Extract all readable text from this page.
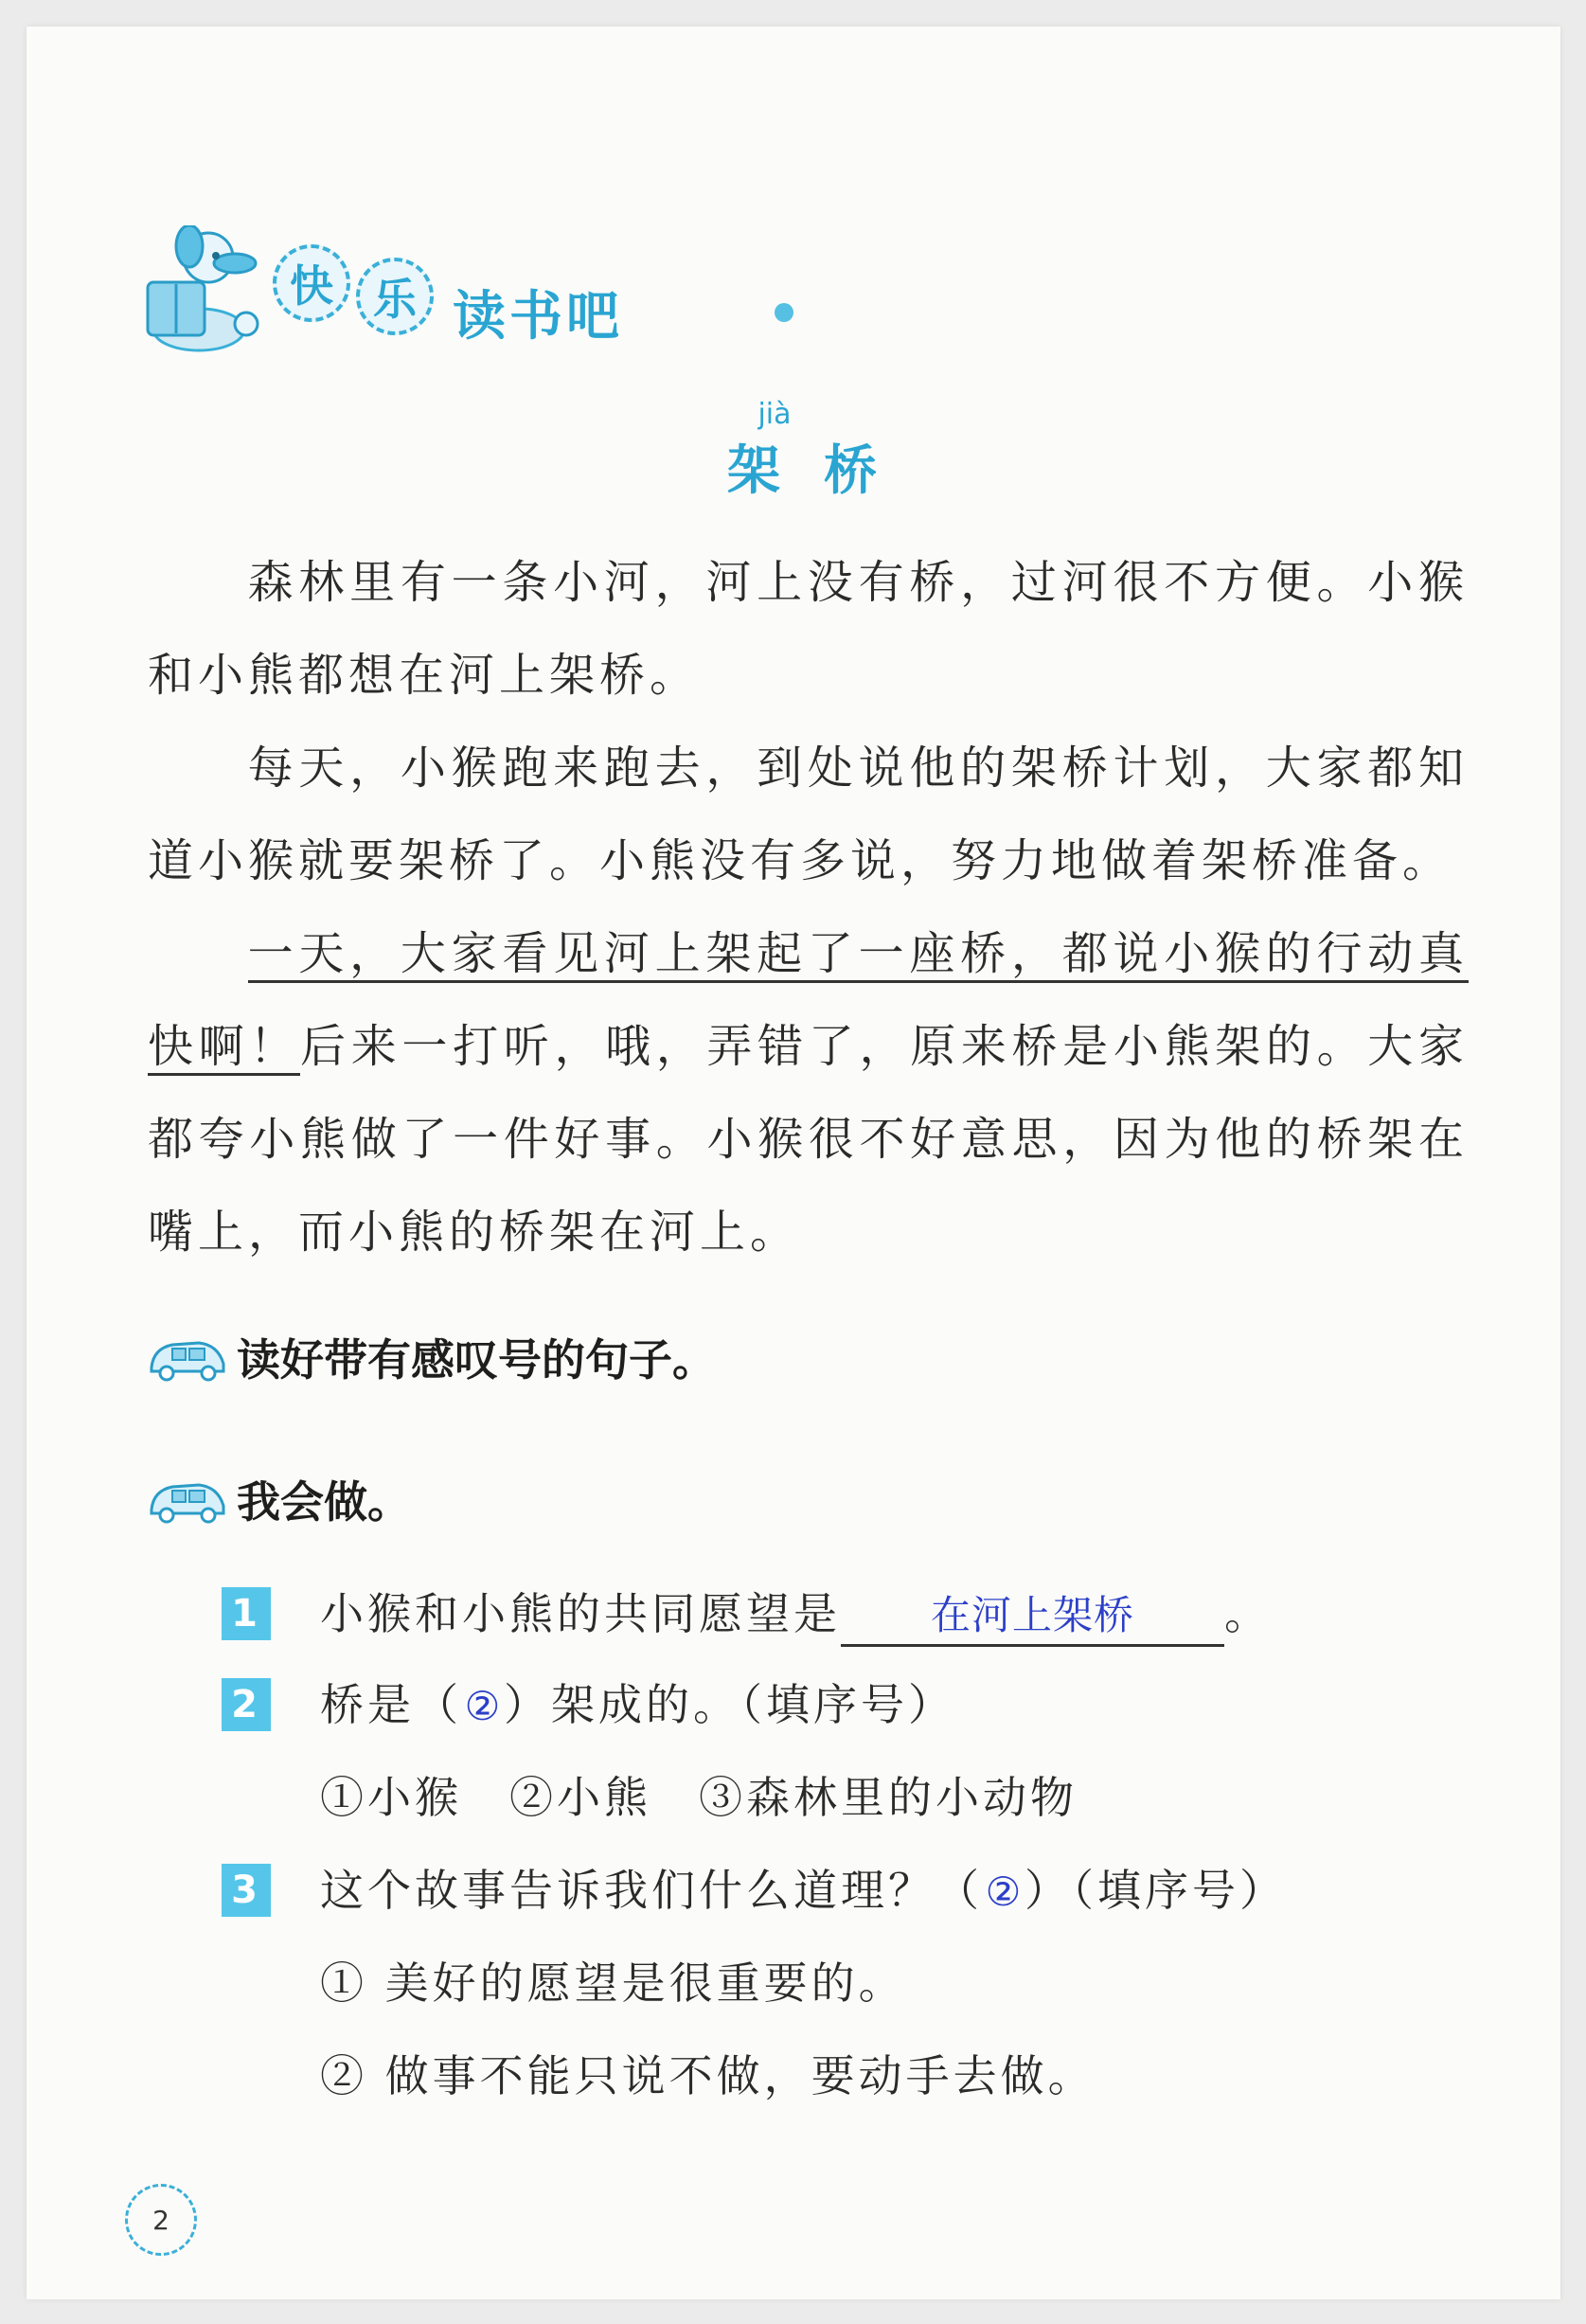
快 乐 读书吧
jià
架桥

森林里有一条小河，河上没有桥，过河很不方便。小猴和小熊都想在河上架桥。

每天，小猴跑来跑去，到处说他的架桥计划，大家都知道小猴就要架桥了。小熊没有多说，努力地做着架桥准备。

一天，大家看见河上架起了一座桥，都说小猴的行动真快啊！后来一打听，哦，弄错了，原来桥是小熊架的。大家都夸小熊做了一件好事。小猴很不好意思，因为他的桥架在嘴上，而小熊的桥架在河上。

读好带有感叹号的句子。
我会做。
1 小猴和小熊的共同愿望是 在河上架桥 。
2 桥是（②）架成的。（填序号）
①小猴　②小熊　③森林里的小动物
3 这个故事告诉我们什么道理？（②）（填序号）
① 美好的愿望是很重要的。
② 做事不能只说不做，要动手去做。
2
